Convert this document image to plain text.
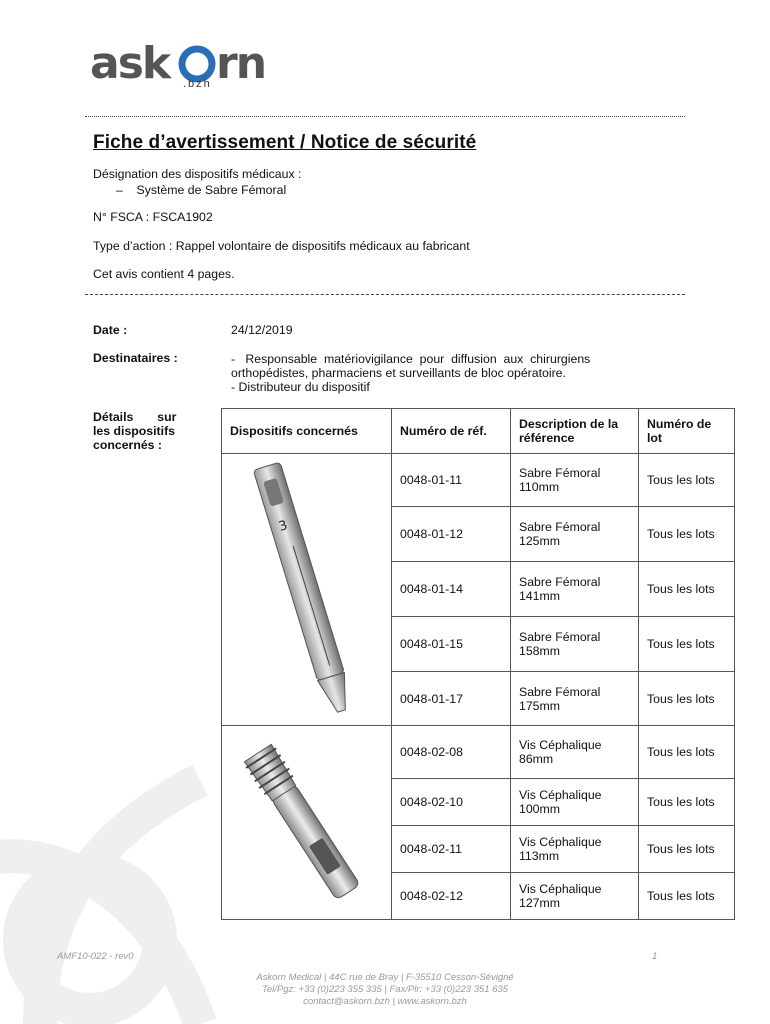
ask rn
.bzh
Fiche d’avertissement / Notice de sécurité
Désignation des dispositifs médicaux :
–    Système de Sabre Fémoral
N° FSCA : FSCA1902
Type d’action : Rappel volontaire de dispositifs médicaux au fabricant
Cet avis contient 4 pages.
Date :	24/12/2019
Destinataires :	-   Responsable  matériovigilance  pour  diffusion  aux  chirurgiens
orthopédistes, pharmaciens et surveillants de bloc opératoire.
- Distributeur du dispositif
Détails       sur
les dispositifs
concernés :
Dispositifs concernés	Numéro de réf.	Description de la référence	Numéro de lot

3	0048-01-11	Sabre Fémoral 110mm	Tous les lots
	0048-01-12	Sabre Fémoral 125mm	Tous les lots
	0048-01-14	Sabre Fémoral 141mm	Tous les lots
	0048-01-15	Sabre Fémoral 158mm	Tous les lots
	0048-01-17	Sabre Fémoral 175mm	Tous les lots
	0048-02-08	Vis Céphalique 86mm	Tous les lots
	0048-02-10	Vis Céphalique 100mm	Tous les lots
	0048-02-11	Vis Céphalique 113mm	Tous les lots
	0048-02-12	Vis Céphalique 127mm	Tous les lots
AMF10-022 - rev0	1
Askorn Medical | 44C rue de Bray | F-35510 Cesson-Sévigné
Tel/Pgz: +33 (0)223 355 335 | Fax/Plr: +33 (0)223 351 635
contact@askorn.bzh | www.askorn.bzh
